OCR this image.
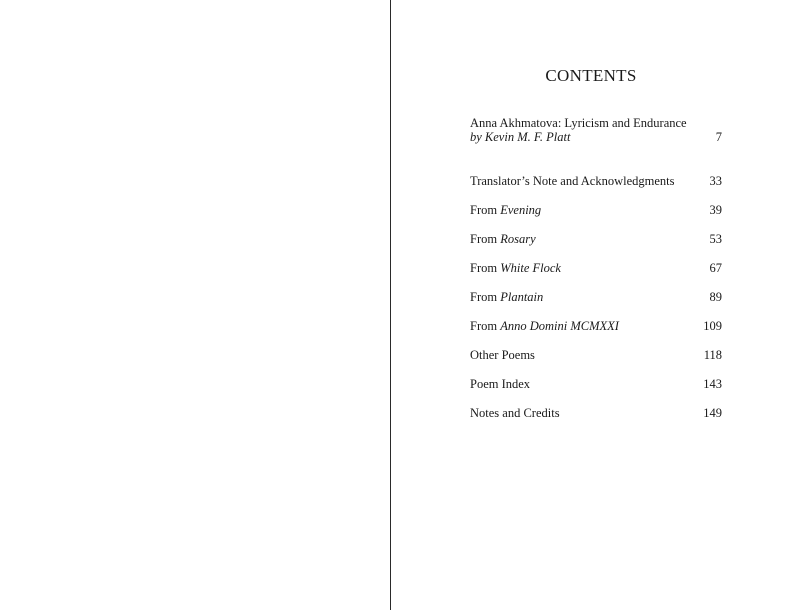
CONTENTS
Anna Akhmatova: Lyricism and Endurance
by Kevin M. F. Platt	7
Translator’s Note and Acknowledgments	33
From Evening	39
From Rosary	53
From White Flock	67
From Plantain	89
From Anno Domini MCMXXI	109
Other Poems	118
Poem Index	143
Notes and Credits	149
